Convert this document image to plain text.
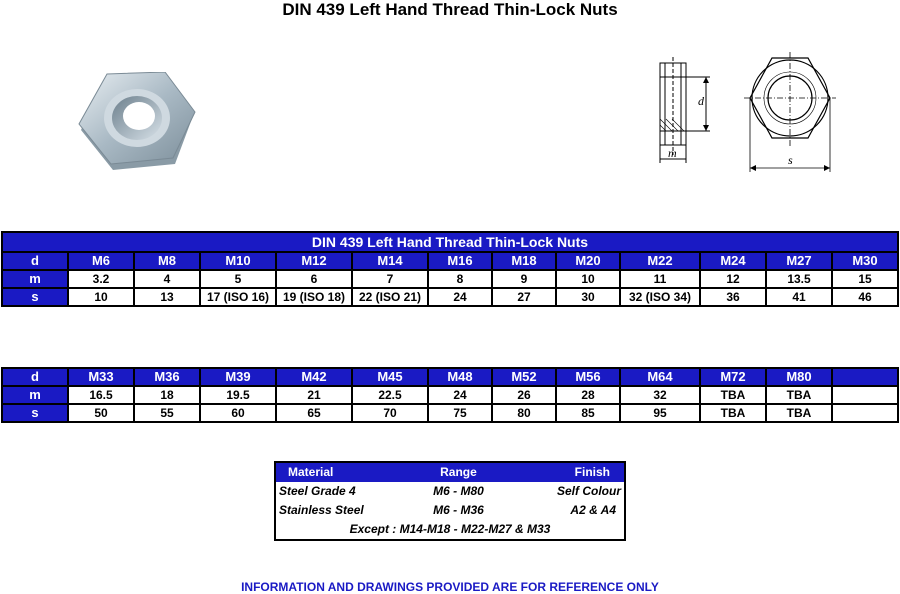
DIN 439 Left Hand Thread Thin-Lock Nuts
d
m	s
DIN 439 Left Hand Thread Thin-Lock Nuts												
d	M6	M8	M10	M12	M14	M16	M18	M20	M22	M24	M27	M30
m	3.2	4	5	6	7	8	9	10	11	12	13.5	15
s	10	13	17 (ISO 16)	19 (ISO 18)	22 (ISO 21)	24	27	30	32 (ISO 34)	36	41	46
d	M33	M36	M39	M42	M45	M48	M52	M56	M64	M72	M80	
m	16.5	18	19.5	21	22.5	24	26	28	32	TBA	TBA	
s	50	55	60	65	70	75	80	85	95	TBA	TBA	
Material	Range	Finish
Steel Grade 4	M6 - M80	Self Colour
Stainless Steel	M6 - M36	A2 & A4
Except : M14-M18 - M22-M27 & M33		
INFORMATION AND DRAWINGS PROVIDED ARE FOR REFERENCE ONLY
